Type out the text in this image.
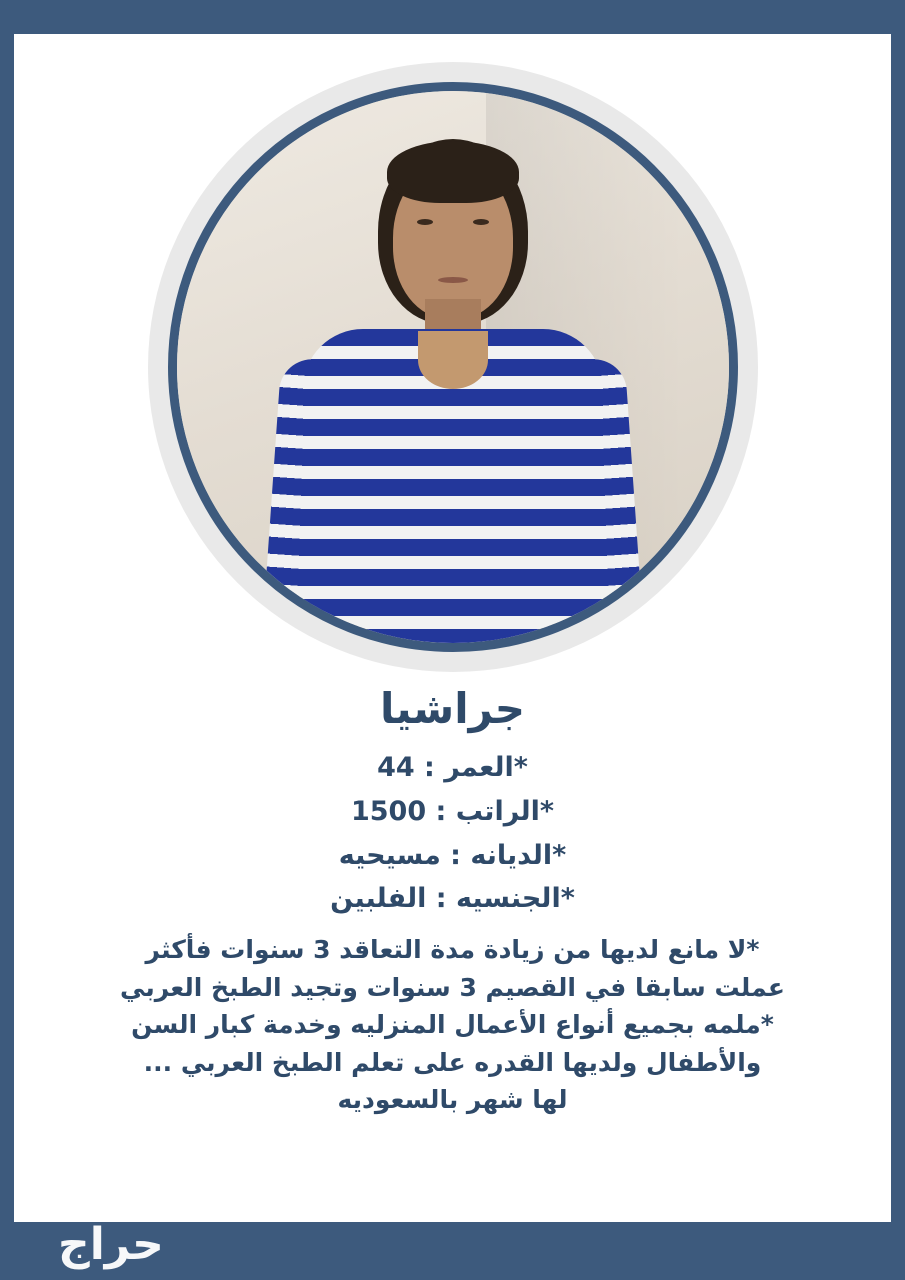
جراشيا

*العمر : 44

*الراتب : 1500

*الديانه : مسيحيه

*الجنسيه : الفلبين

*لا مانع لديها من زيادة مدة التعاقد 3 سنوات فأكثر

عملت سابقا في القصيم 3 سنوات وتجيد الطبخ العربي

*ملمه بجميع أنواع الأعمال المنزليه وخدمة كبار السن

والأطفال ولديها القدره على تعلم الطبخ العربي ...

لها شهر بالسعوديه

حراج
